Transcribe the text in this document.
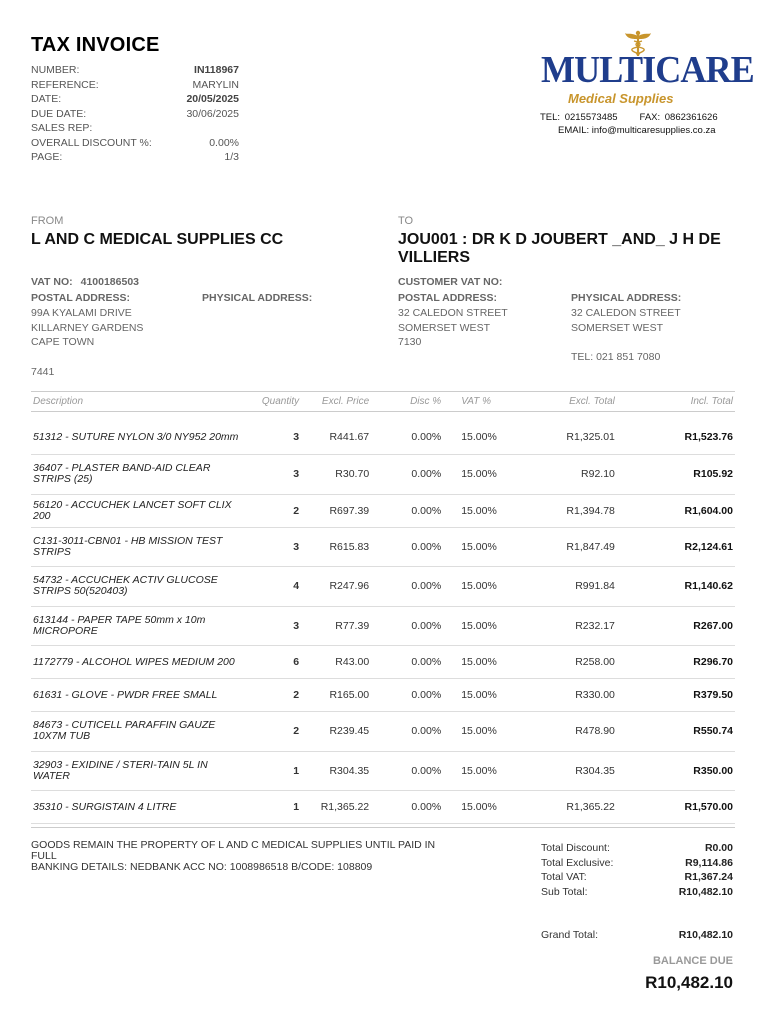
TAX INVOICE
NUMBER:	IN118967
REFERENCE:	MARYLIN
DATE:	20/05/2025
DUE DATE:	30/06/2025
SALES REP:
OVERALL DISCOUNT %:	0.00%
PAGE:	1/3
MULTICARE
Medical Supplies
TEL: 0215573485 FAX: 0862361626
EMAIL: info@multicaresupplies.co.za
FROM
L AND C MEDICAL SUPPLIES CC
TO
JOU001 : DR K D JOUBERT _AND_ J H DE VILLIERS
VAT NO: 4100186503	CUSTOMER VAT NO:
POSTAL ADDRESS:
99A KYALAMI DRIVE
KILLARNEY GARDENS
CAPE TOWN
7441
PHYSICAL ADDRESS:	POSTAL ADDRESS:
32 CALEDON STREET
SOMERSET WEST
7130
PHYSICAL ADDRESS:
32 CALEDON STREET
SOMERSET WEST
TEL: 021 851 7080
Description	Quantity	Excl. Price	Disc %	VAT %	Excl. Total	Incl. Total
51312 - SUTURE NYLON 3/0 NY952 20mm	3	R441.67	0.00%	15.00%	R1,325.01	R1,523.76
36407 - PLASTER BAND-AID CLEAR STRIPS (25)	3	R30.70	0.00%	15.00%	R92.10	R105.92
56120 - ACCUCHEK LANCET SOFT CLIX 200	2	R697.39	0.00%	15.00%	R1,394.78	R1,604.00
C131-3011-CBN01 - HB MISSION TEST STRIPS	3	R615.83	0.00%	15.00%	R1,847.49	R2,124.61
54732 - ACCUCHEK ACTIV GLUCOSE STRIPS 50(520403)	4	R247.96	0.00%	15.00%	R991.84	R1,140.62
613144 - PAPER TAPE 50mm x 10m MICROPORE	3	R77.39	0.00%	15.00%	R232.17	R267.00
1172779 - ALCOHOL WIPES MEDIUM 200	6	R43.00	0.00%	15.00%	R258.00	R296.70
61631 - GLOVE - PWDR FREE SMALL	2	R165.00	0.00%	15.00%	R330.00	R379.50
84673 - CUTICELL PARAFFIN GAUZE 10X7M TUB	2	R239.45	0.00%	15.00%	R478.90	R550.74
32903 - EXIDINE / STERI-TAIN 5L IN WATER	1	R304.35	0.00%	15.00%	R304.35	R350.00
35310 - SURGISTAIN 4 LITRE	1	R1,365.22	0.00%	15.00%	R1,365.22	R1,570.00
GOODS REMAIN THE PROPERTY OF L AND C MEDICAL SUPPLIES UNTIL PAID IN FULL
BANKING DETAILS: NEDBANK ACC NO: 1008986518 B/CODE: 108809
Total Discount:	R0.00
Total Exclusive:	R9,114.86
Total VAT:	R1,367.24
Sub Total:	R10,482.10
Grand Total:	R10,482.10
BALANCE DUE
R10,482.10
